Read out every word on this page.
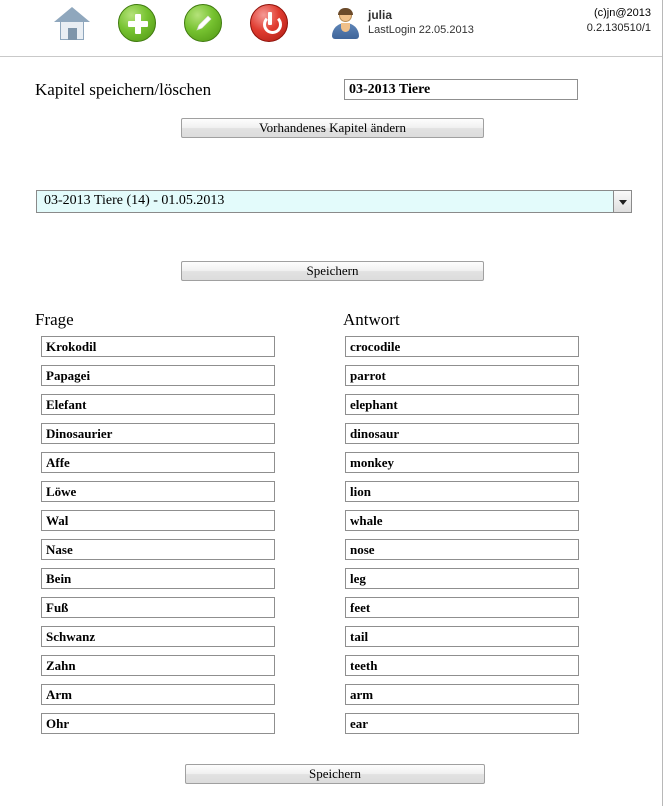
julia
LastLogin 22.05.2013
(c)jn@2013
0.2.130510/1
Kapitel speichern/löschen
03-2013 Tiere
Vorhandenes Kapitel ändern
03-2013 Tiere (14) - 01.05.2013
Speichern
Frage	Antwort
Krokodil
crocodile
Papagei
parrot
Elefant
elephant
Dinosaurier
dinosaur
Affe
monkey
Löwe
lion
Wal
whale
Nase
nose
Bein
leg
Fuß
feet
Schwanz
tail
Zahn
teeth
Arm
arm
Ohr
ear
Speichern
